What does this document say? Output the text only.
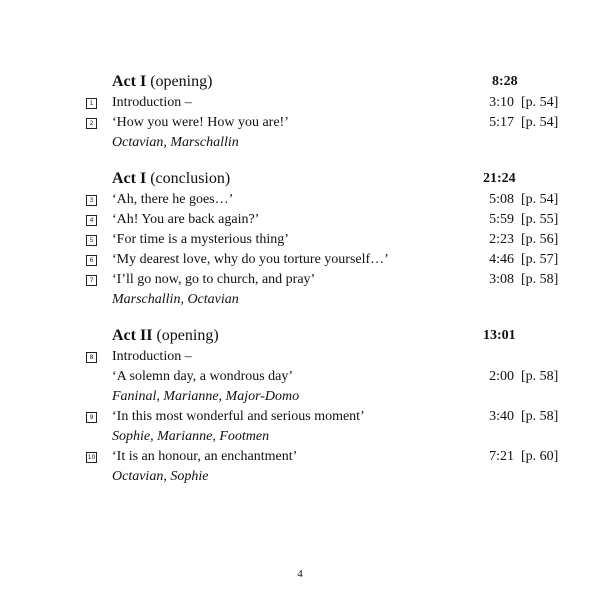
Act I (opening)	8:28
1 Introduction –	3:10 [p. 54]
2 ‘How you were! How you are!’	5:17 [p. 54]
Octavian, Marschallin
Act I (conclusion)	21:24
3 ‘Ah, there he goes…’	5:08 [p. 54]
4 ‘Ah! You are back again?’	5:59 [p. 55]
5 ‘For time is a mysterious thing’	2:23 [p. 56]
6 ‘My dearest love, why do you torture yourself…’	4:46 [p. 57]
7 ‘I’ll go now, go to church, and pray’	3:08 [p. 58]
Marschallin, Octavian
Act II (opening)	13:01
8 Introduction –
‘A solemn day, a wondrous day’	2:00 [p. 58]
Faninal, Marianne, Major-Domo
9 ‘In this most wonderful and serious moment’	3:40 [p. 58]
Sophie, Marianne, Footmen
10 ‘It is an honour, an enchantment’	7:21 [p. 60]
Octavian, Sophie
4
